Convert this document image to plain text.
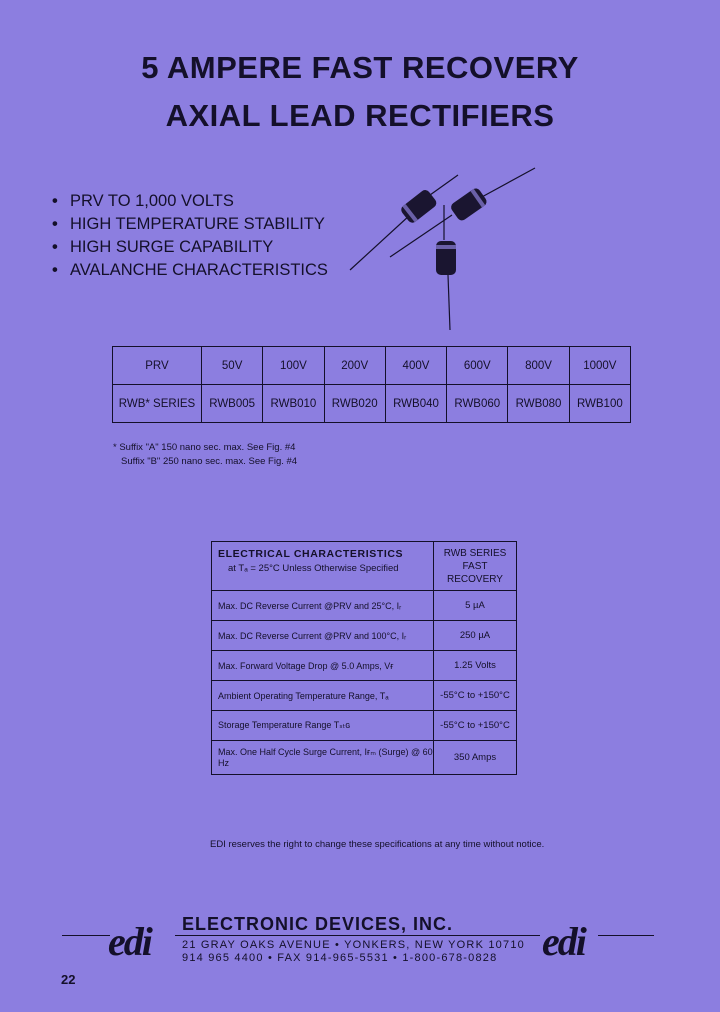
5 AMPERE FAST RECOVERY
AXIAL LEAD RECTIFIERS
• PRV TO 1,000 VOLTS
• HIGH TEMPERATURE STABILITY
• HIGH SURGE CAPABILITY
• AVALANCHE CHARACTERISTICS
PRV	50V	100V	200V	400V	600V	800V	1000V
RWB* SERIES	RWB005	RWB010	RWB020	RWB040	RWB060	RWB080	RWB100
* Suffix "A" 150 nano sec. max. See Fig. #4
Suffix "B" 250 nano sec. max. See Fig. #4
ELECTRICAL CHARACTERISTICS
at Tₐ = 25°C Unless Otherwise Specified	RWB SERIES
FAST
RECOVERY

Max. DC Reverse Current @PRV and 25°C, Iᵣ	5 µA
Max. DC Reverse Current @PRV and 100°C, Iᵣ	250 µA
Max. Forward Voltage Drop @ 5.0 Amps, Vғ	1.25 Volts
Ambient Operating Temperature Range, Tₐ	-55°C to +150°C
Storage Temperature Range Tₛₜɢ	-55°C to +150°C
Max. One Half Cycle Surge Current, Iғₘ (Surge) @ 60 Hz	350 Amps
EDI reserves the right to change these specifications at any time without notice.
edi	edi
ELECTRONIC DEVICES, INC.
21 GRAY OAKS AVENUE • YONKERS, NEW YORK 10710
914 965 4400 • FAX 914-965-5531 • 1-800-678-0828
22
